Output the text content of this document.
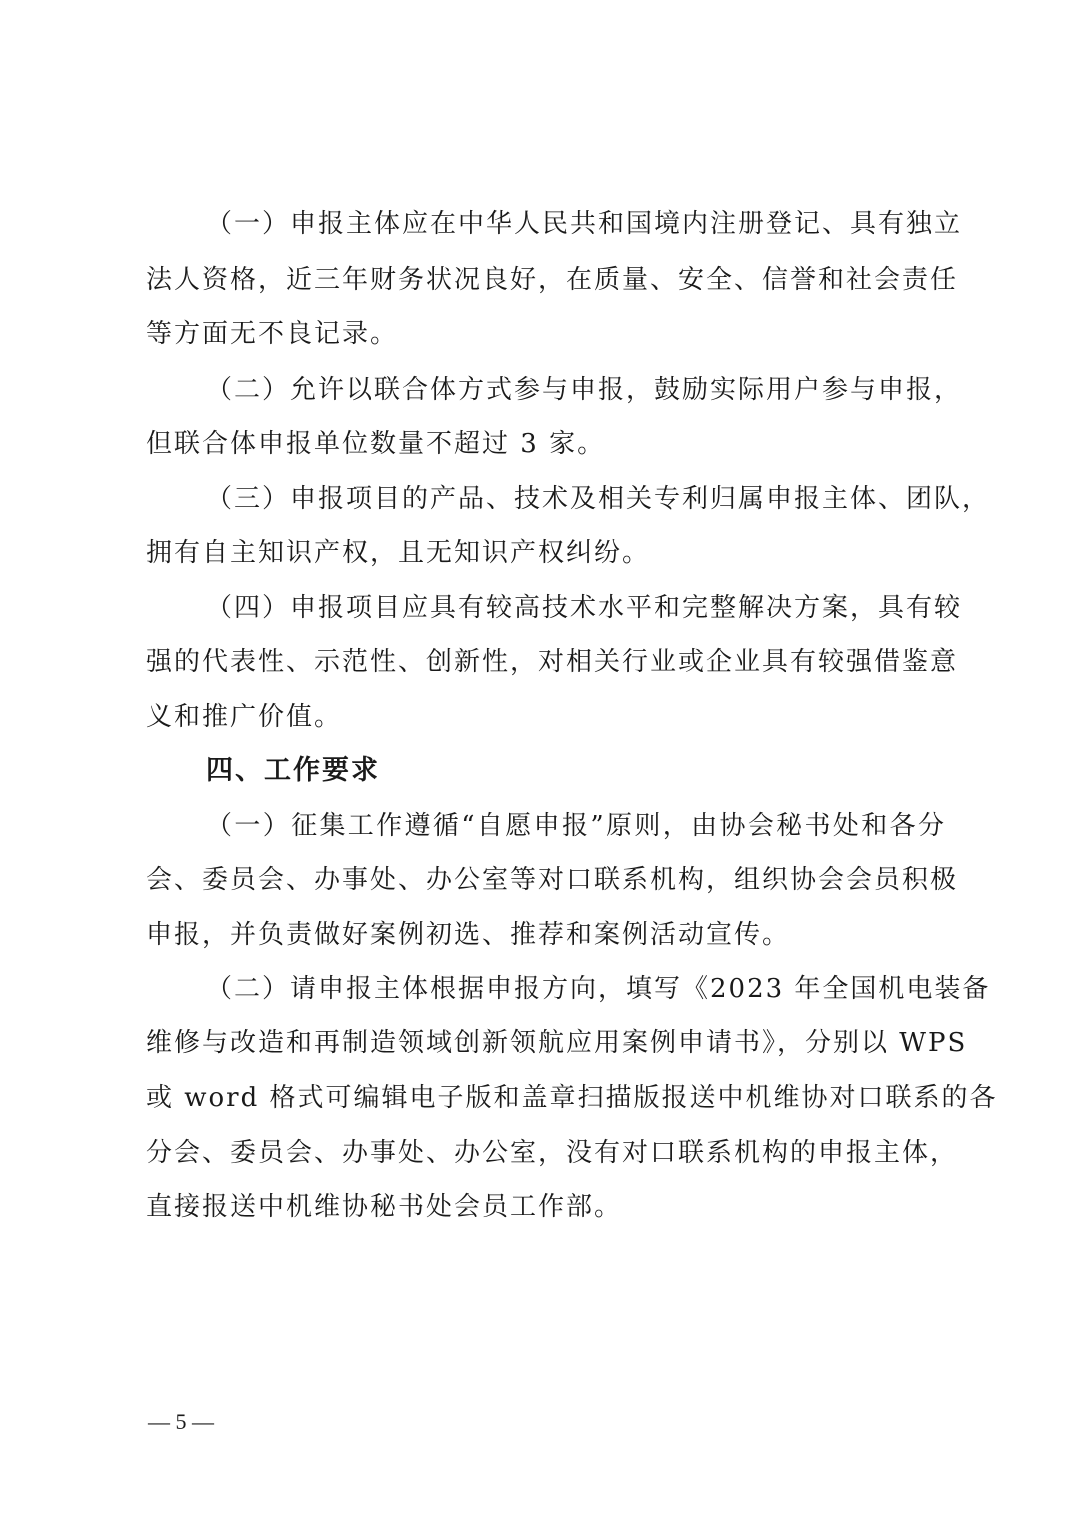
（一）申报主体应在中华人民共和国境内注册登记、具有独立
法人资格，近三年财务状况良好，在质量、安全、信誉和社会责任
等方面无不良记录。
（二）允许以联合体方式参与申报，鼓励实际用户参与申报，
但联合体申报单位数量不超过 3 家。
（三）申报项目的产品、技术及相关专利归属申报主体、团队，
拥有自主知识产权，且无知识产权纠纷。
（四）申报项目应具有较高技术水平和完整解决方案，具有较
强的代表性、示范性、创新性，对相关行业或企业具有较强借鉴意
义和推广价值。
四、工作要求
（一）征集工作遵循“自愿申报”原则，由协会秘书处和各分
会、委员会、办事处、办公室等对口联系机构，组织协会会员积极
申报，并负责做好案例初选、推荐和案例活动宣传。
（二）请申报主体根据申报方向，填写《2023 年全国机电装备
维修与改造和再制造领域创新领航应用案例申请书》，分别以 WPS
或 word 格式可编辑电子版和盖章扫描版报送中机维协对口联系的各
分会、委员会、办事处、办公室，没有对口联系机构的申报主体，
直接报送中机维协秘书处会员工作部。
— 5 —
